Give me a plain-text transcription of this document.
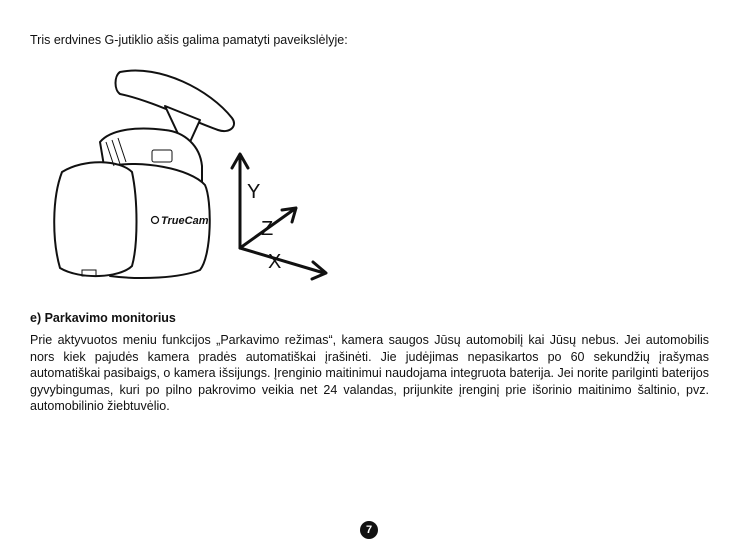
Tris erdvines G-jutiklio ašis galima pamatyti paveikslėlyje:
TrueCam
Y
Z
X
e) Parkavimo monitorius
Prie aktyvuotos meniu funkcijos „Parkavimo režimas“, kamera saugos Jūsų automobilį kai Jūsų nebus. Jei automobilis nors kiek pajudės kamera pradės automatiškai įrašinėti. Jie judėjimas nepasikartos po 60 sekundžių įrašymas automatiškai pasibaigs, o kamera išsijungs. Įrenginio maitinimui naudojama integruota baterija. Jei norite parilginti baterijos gyvybingumas, kuri po pilno pakrovimo veikia net 24 valandas, prijunkite įrenginį prie išorinio maitinimo šaltinio, pvz. automobilinio žiebtuvėlio.
7
